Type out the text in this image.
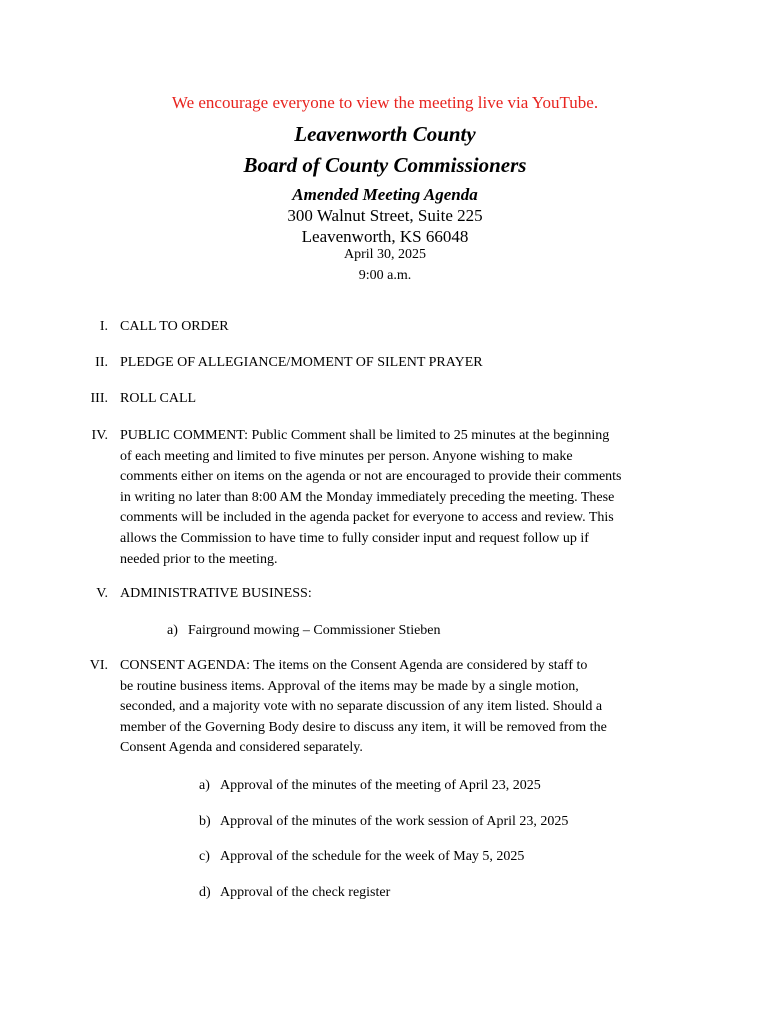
We encourage everyone to view the meeting live via YouTube.
Leavenworth County
Board of County Commissioners
Amended Meeting Agenda
300 Walnut Street, Suite 225
Leavenworth, KS 66048
April 30, 2025
9:00 a.m.
I. CALL TO ORDER
II. PLEDGE OF ALLEGIANCE/MOMENT OF SILENT PRAYER
III. ROLL CALL
IV. PUBLIC COMMENT: Public Comment shall be limited to 25 minutes at the beginning
of each meeting and limited to five minutes per person. Anyone wishing to make
comments either on items on the agenda or not are encouraged to provide their comments
in writing no later than 8:00 AM the Monday immediately preceding the meeting. These
comments will be included in the agenda packet for everyone to access and review. This
allows the Commission to have time to fully consider input and request follow up if
needed prior to the meeting.
V. ADMINISTRATIVE BUSINESS:
a) Fairground mowing – Commissioner Stieben
VI. CONSENT AGENDA: The items on the Consent Agenda are considered by staff to
be routine business items. Approval of the items may be made by a single motion,
seconded, and a majority vote with no separate discussion of any item listed. Should a
member of the Governing Body desire to discuss any item, it will be removed from the
Consent Agenda and considered separately.
a) Approval of the minutes of the meeting of April 23, 2025
b) Approval of the minutes of the work session of April 23, 2025
c) Approval of the schedule for the week of May 5, 2025
d) Approval of the check register
